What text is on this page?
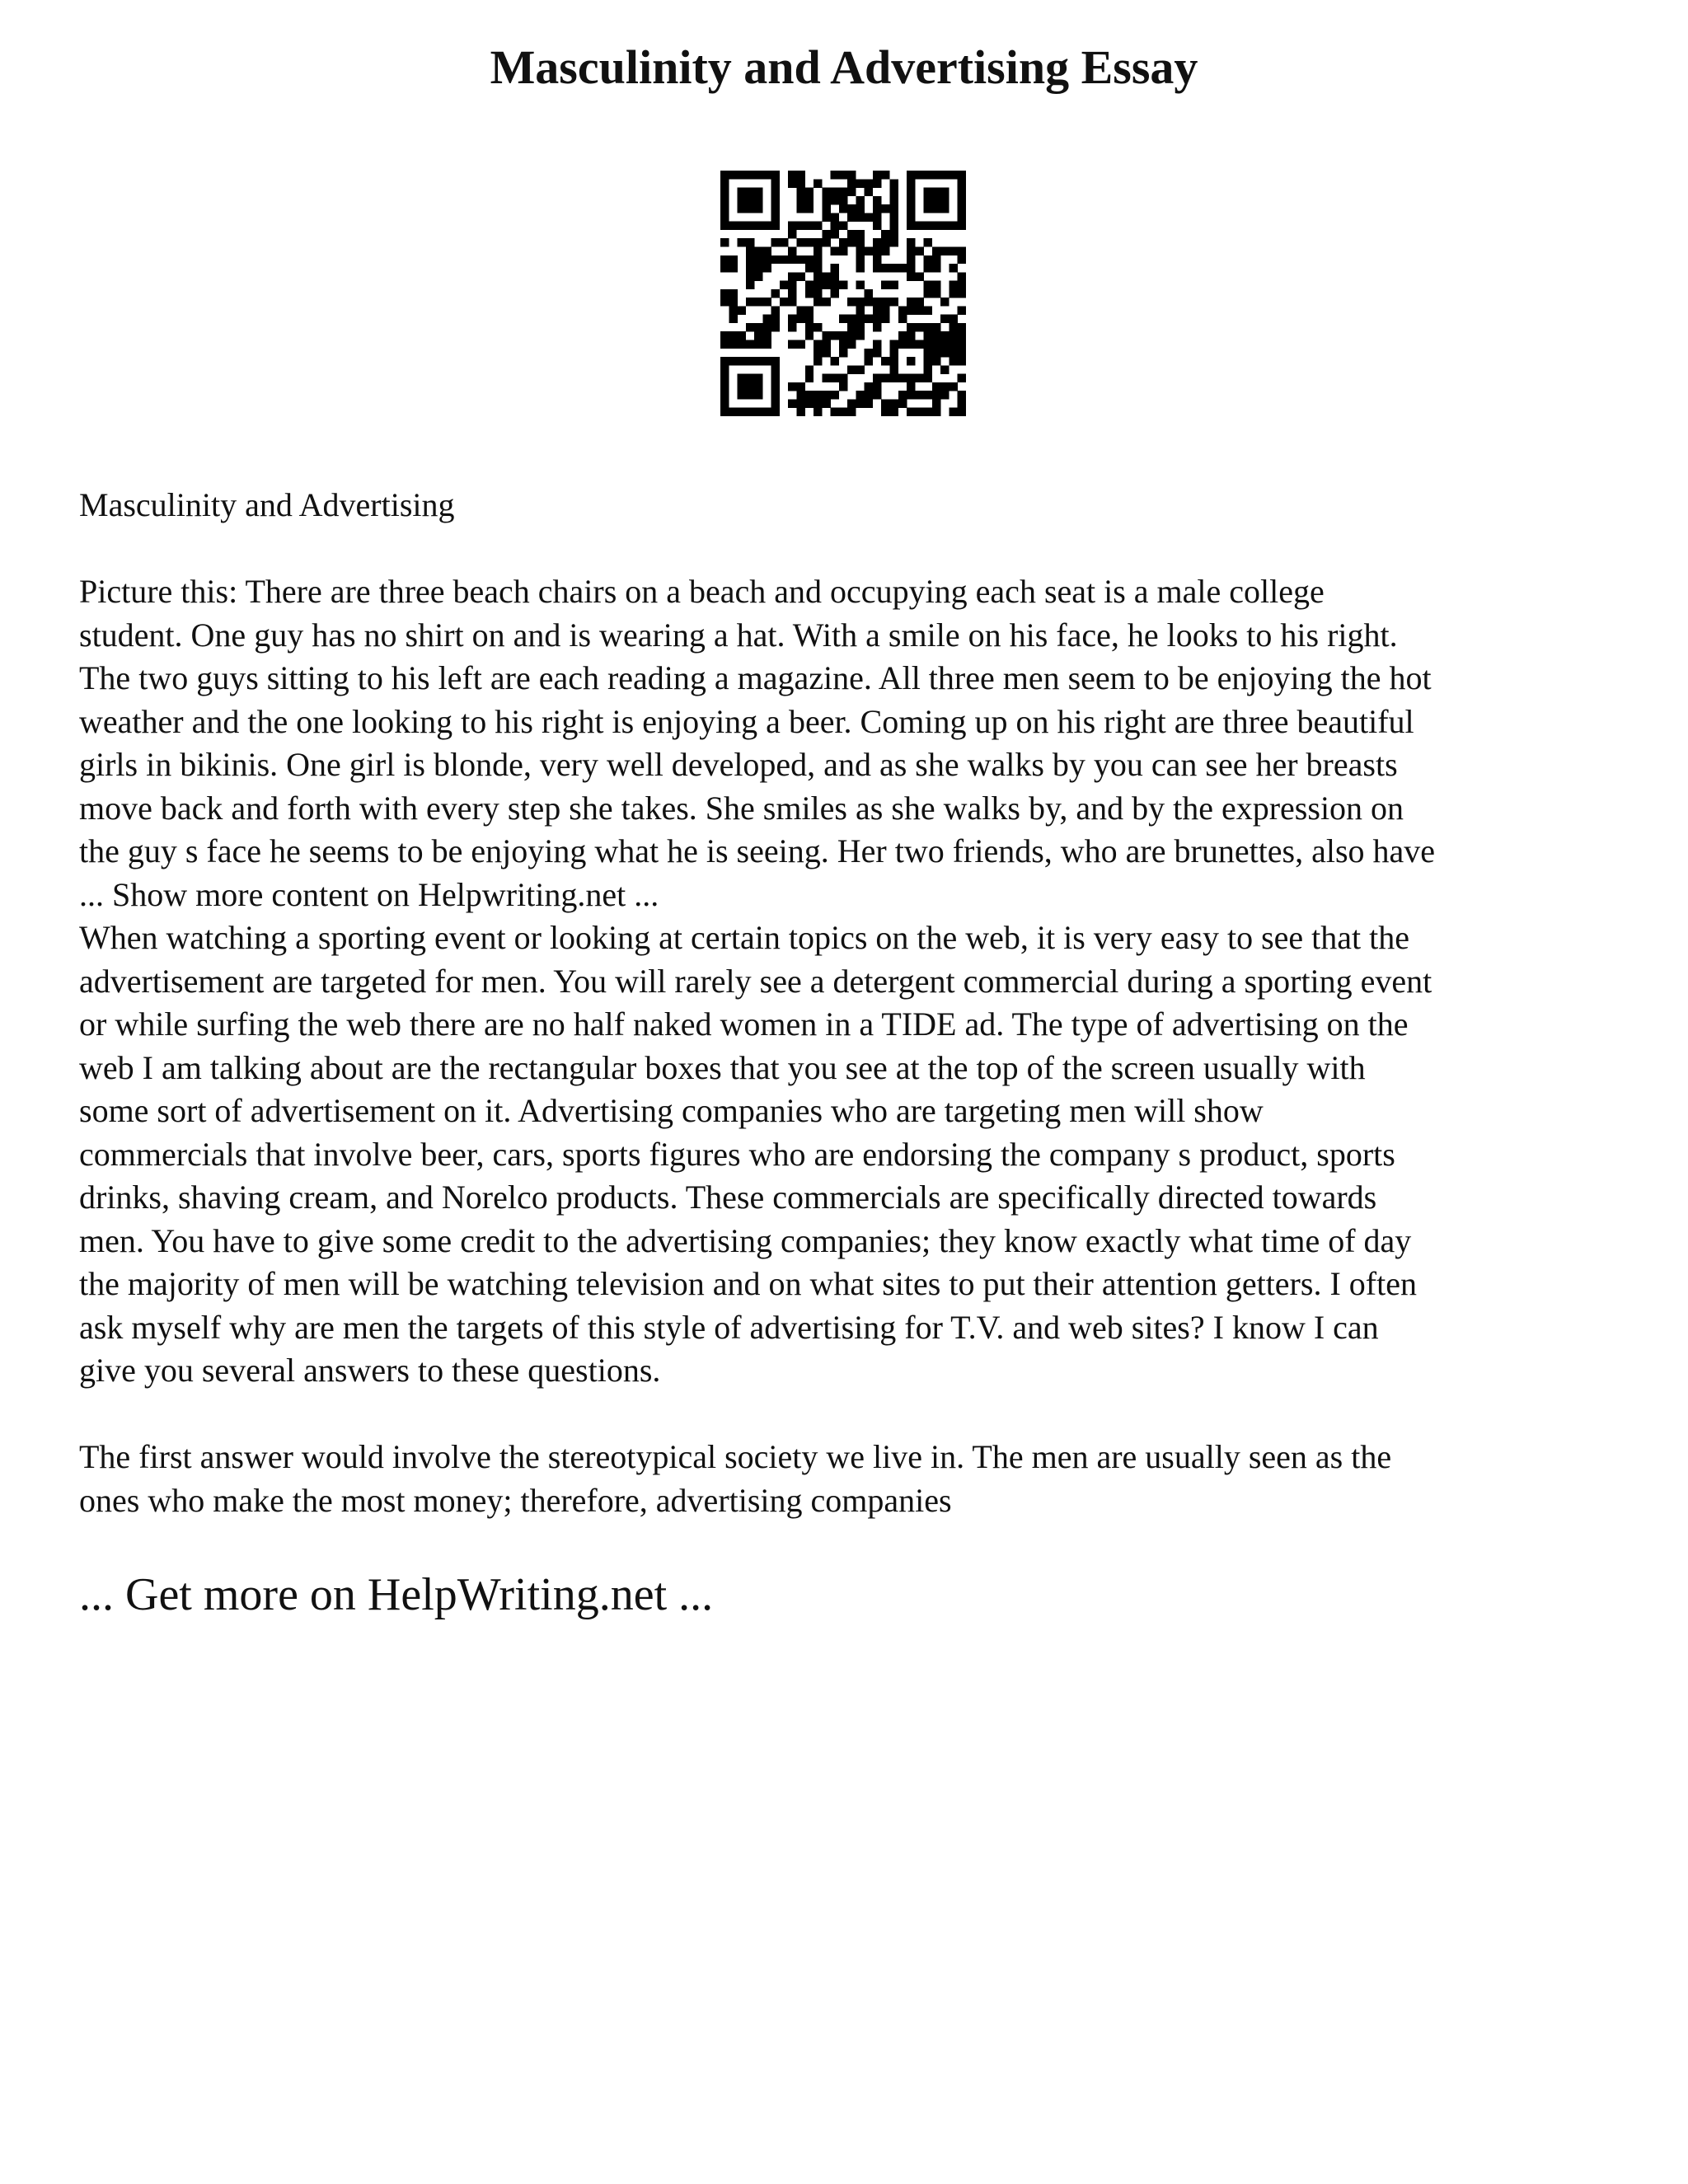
Masculinity and Advertising Essay

Masculinity and Advertising

Picture this: There are three beach chairs on a beach and occupying each seat is a male college
student. One guy has no shirt on and is wearing a hat. With a smile on his face, he looks to his right.
The two guys sitting to his left are each reading a magazine. All three men seem to be enjoying the hot
weather and the one looking to his right is enjoying a beer. Coming up on his right are three beautiful
girls in bikinis. One girl is blonde, very well developed, and as she walks by you can see her breasts
move back and forth with every step she takes. She smiles as she walks by, and by the expression on
the guy s face he seems to be enjoying what he is seeing. Her two friends, who are brunettes, also have
... Show more content on Helpwriting.net ...

When watching a sporting event or looking at certain topics on the web, it is very easy to see that the
advertisement are targeted for men. You will rarely see a detergent commercial during a sporting event
or while surfing the web there are no half naked women in a TIDE ad. The type of advertising on the
web I am talking about are the rectangular boxes that you see at the top of the screen usually with
some sort of advertisement on it. Advertising companies who are targeting men will show
commercials that involve beer, cars, sports figures who are endorsing the company s product, sports
drinks, shaving cream, and Norelco products. These commercials are specifically directed towards
men. You have to give some credit to the advertising companies; they know exactly what time of day
the majority of men will be watching television and on what sites to put their attention getters. I often
ask myself why are men the targets of this style of advertising for T.V. and web sites? I know I can
give you several answers to these questions.

The first answer would involve the stereotypical society we live in. The men are usually seen as the
ones who make the most money; therefore, advertising companies

... Get more on HelpWriting.net ...
